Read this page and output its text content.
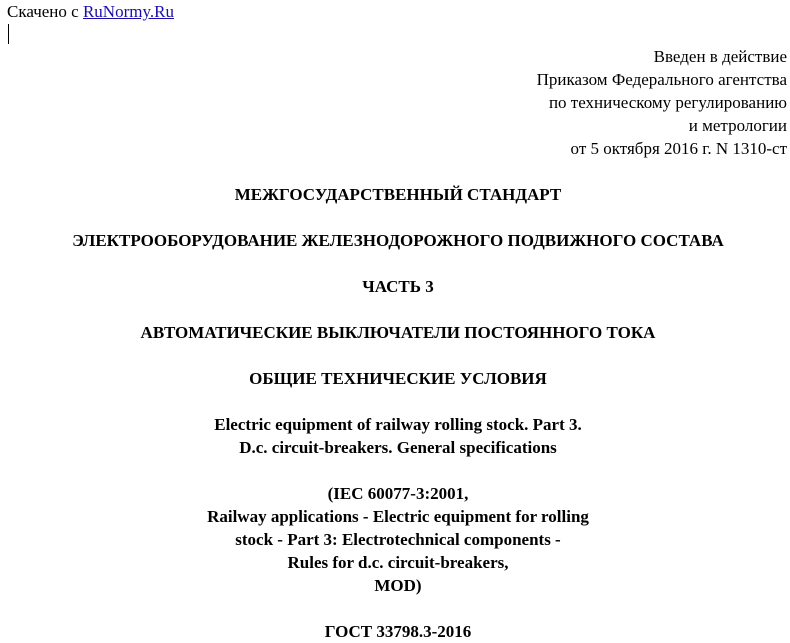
Скачено с RuNormy.Ru
Введен в действие
Приказом Федерального агентства
по техническому регулированию
и метрологии
от 5 октября 2016 г. N 1310-ст
МЕЖГОСУДАРСТВЕННЫЙ СТАНДАРТ
ЭЛЕКТРООБОРУДОВАНИЕ ЖЕЛЕЗНОДОРОЖНОГО ПОДВИЖНОГО СОСТАВА
ЧАСТЬ 3
АВТОМАТИЧЕСКИЕ ВЫКЛЮЧАТЕЛИ ПОСТОЯННОГО ТОКА
ОБЩИЕ ТЕХНИЧЕСКИЕ УСЛОВИЯ
Electric equipment of railway rolling stock. Part 3.
D.c. circuit-breakers. General specifications
(IEC 60077-3:2001,
Railway applications - Electric equipment for rolling
stock - Part 3: Electrotechnical components -
Rules for d.c. circuit-breakers,
MOD)
ГОСТ 33798.3-2016
